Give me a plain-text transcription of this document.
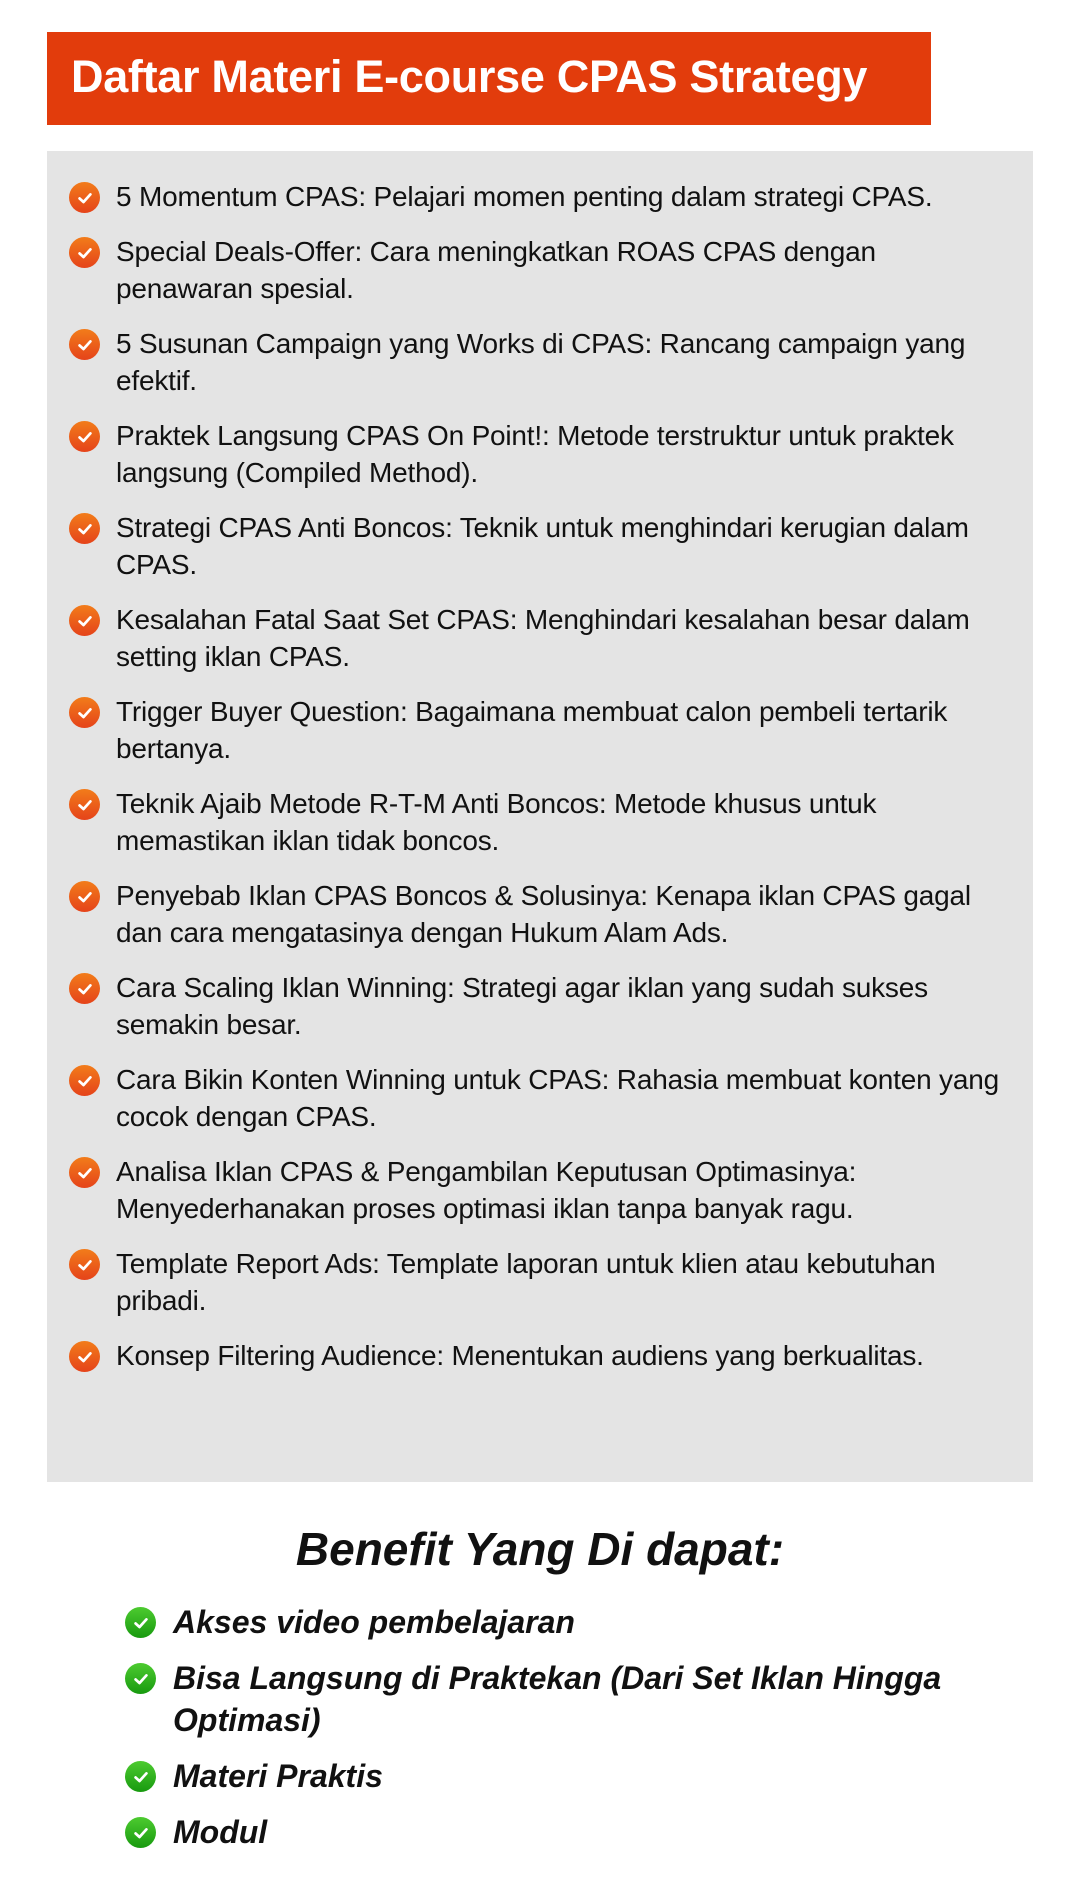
Daftar Materi E-course CPAS Strategy
5 Momentum CPAS: Pelajari momen penting dalam strategi CPAS.
Special Deals-Offer: Cara meningkatkan ROAS CPAS dengan penawaran spesial.
5 Susunan Campaign yang Works di CPAS: Rancang campaign yang efektif.
Praktek Langsung CPAS On Point!: Metode terstruktur untuk praktek langsung (Compiled Method).
Strategi CPAS Anti Boncos: Teknik untuk menghindari kerugian dalam CPAS.
Kesalahan Fatal Saat Set CPAS: Menghindari kesalahan besar dalam setting iklan CPAS.
Trigger Buyer Question: Bagaimana membuat calon pembeli tertarik bertanya.
Teknik Ajaib Metode R-T-M Anti Boncos: Metode khusus untuk memastikan iklan tidak boncos.
Penyebab Iklan CPAS Boncos & Solusinya: Kenapa iklan CPAS gagal dan cara mengatasinya dengan Hukum Alam Ads.
Cara Scaling Iklan Winning: Strategi agar iklan yang sudah sukses semakin besar.
Cara Bikin Konten Winning untuk CPAS: Rahasia membuat konten yang cocok dengan CPAS.
Analisa Iklan CPAS & Pengambilan Keputusan Optimasinya: Menyederhanakan proses optimasi iklan tanpa banyak ragu.
Template Report Ads: Template laporan untuk klien atau kebutuhan pribadi.
Konsep Filtering Audience: Menentukan audiens yang berkualitas.
Benefit Yang Di dapat:
Akses video pembelajaran
Bisa Langsung di Praktekan (Dari Set Iklan Hingga Optimasi)
Materi Praktis
Modul
